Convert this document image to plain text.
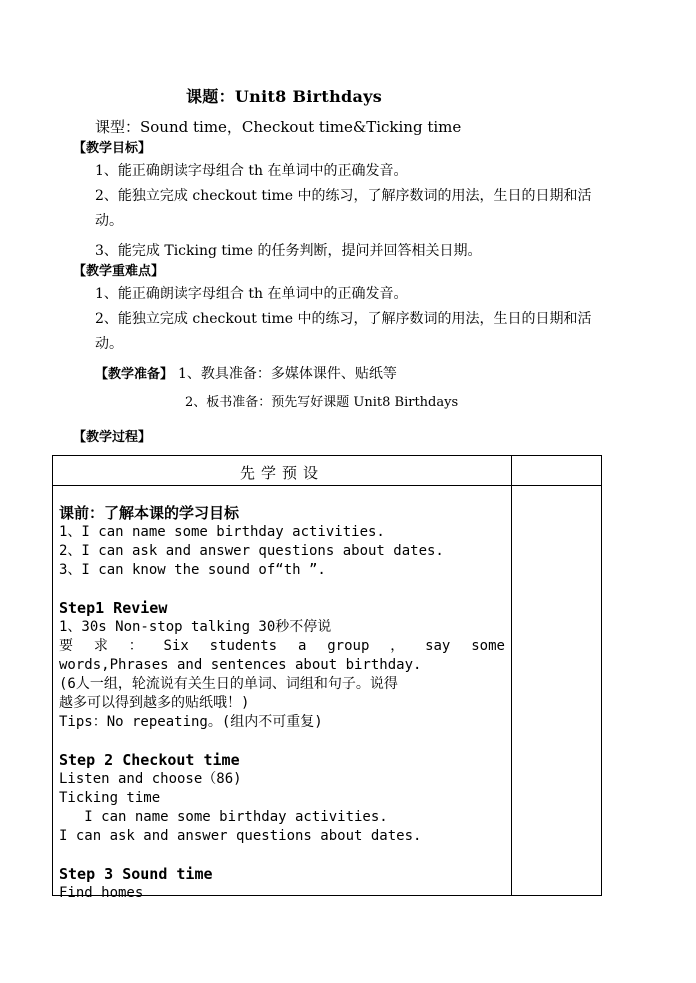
课题：Unit8 Birthdays
课型：Sound time，Checkout time&Ticking time
【教学目标】
1、能正确朗读字母组合 th 在单词中的正确发音。
2、能独立完成 checkout time 中的练习，了解序数词的用法，生日的日期和活动。
3、能完成 Ticking time 的任务判断，提问并回答相关日期。
【教学重难点】
1、能正确朗读字母组合 th 在单词中的正确发音。
2、能独立完成 checkout time 中的练习，了解序数词的用法，生日的日期和活动。
【教学准备】 1、教具准备：多媒体课件、贴纸等
2、板书准备：预先写好课题 Unit8 Birthdays
【教学过程】
先学预设
课前：了解本课的学习目标
1、I can name some birthday activities.
2、I can ask and answer questions about dates.
3、I can know the sound of“th ”.
Step1 Review
1、30s Non-stop talking 30秒不停说
要 求 ： Six students a group ， say some
words,Phrases and sentences about birthday.
(6人一组，轮流说有关生日的单词、词组和句子。说得
越多可以得到越多的贴纸哦！)
Tips：No repeating。(组内不可重复)
Step 2 Checkout time
Listen and choose（86)
Ticking time
I can name some birthday activities.
I can ask and answer questions about dates.
Step 3 Sound time
Find homes
